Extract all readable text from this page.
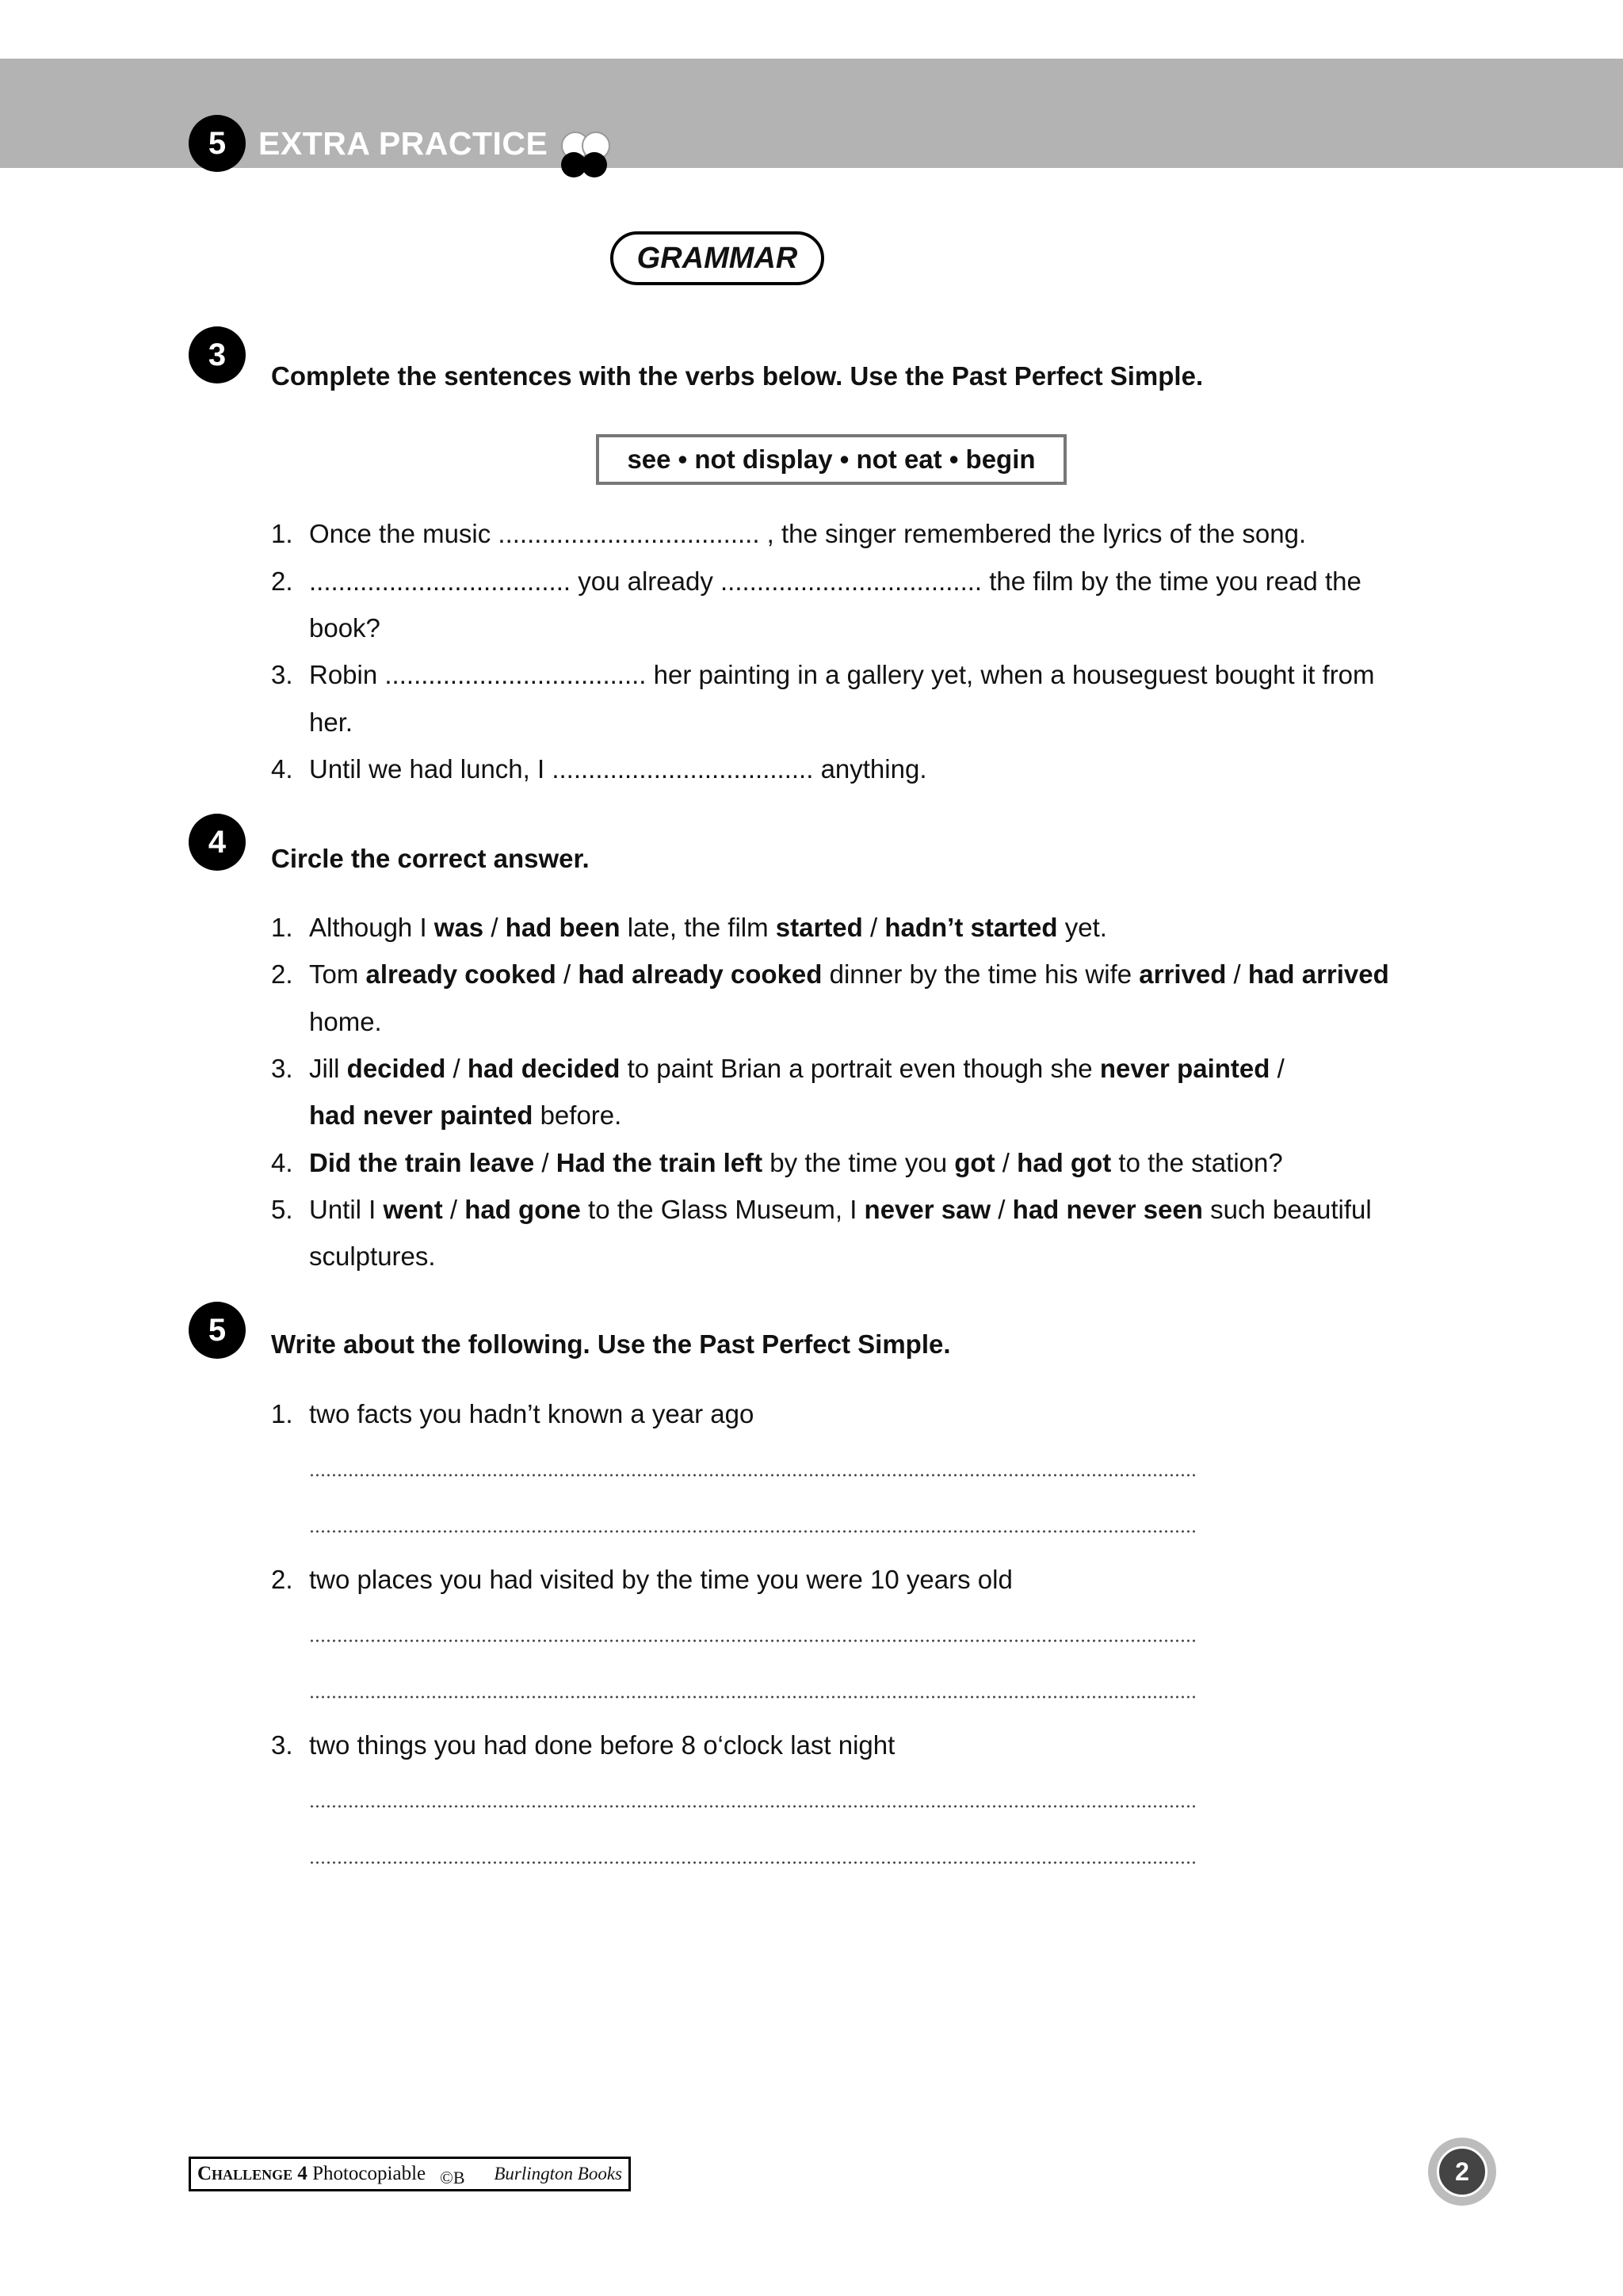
5 EXTRA PRACTICE
GRAMMAR
3
Complete the sentences with the verbs below. Use the Past Perfect Simple.
see • not display • not eat • begin
1. Once the music .................................... , the singer remembered the lyrics of the song.
2. .................................... you already .................................... the film by the time you read the
book?
3. Robin .................................... her painting in a gallery yet, when a houseguest bought it from
her.
4. Until we had lunch, I .................................... anything.
4	Circle the correct answer.
1. Although I was / had been late, the film started / hadn’t started yet.
2. Tom already cooked / had already cooked dinner by the time his wife arrived / had arrived
home.
3. Jill decided / had decided to paint Brian a portrait even though she never painted /
had never painted before.
4. Did the train leave / Had the train left by the time you got / had got to the station?
5. Until I went / had gone to the Glass Museum, I never saw / had never seen such beautiful
sculptures.
5	Write about the following. Use the Past Perfect Simple.
1. two facts you hadn’t known a year ago
2. two places you had visited by the time you were 10 years old
3. two things you had done before 8 o‘clock last night
Challenge 4
Photocopiable ©B Burlington Books	2
